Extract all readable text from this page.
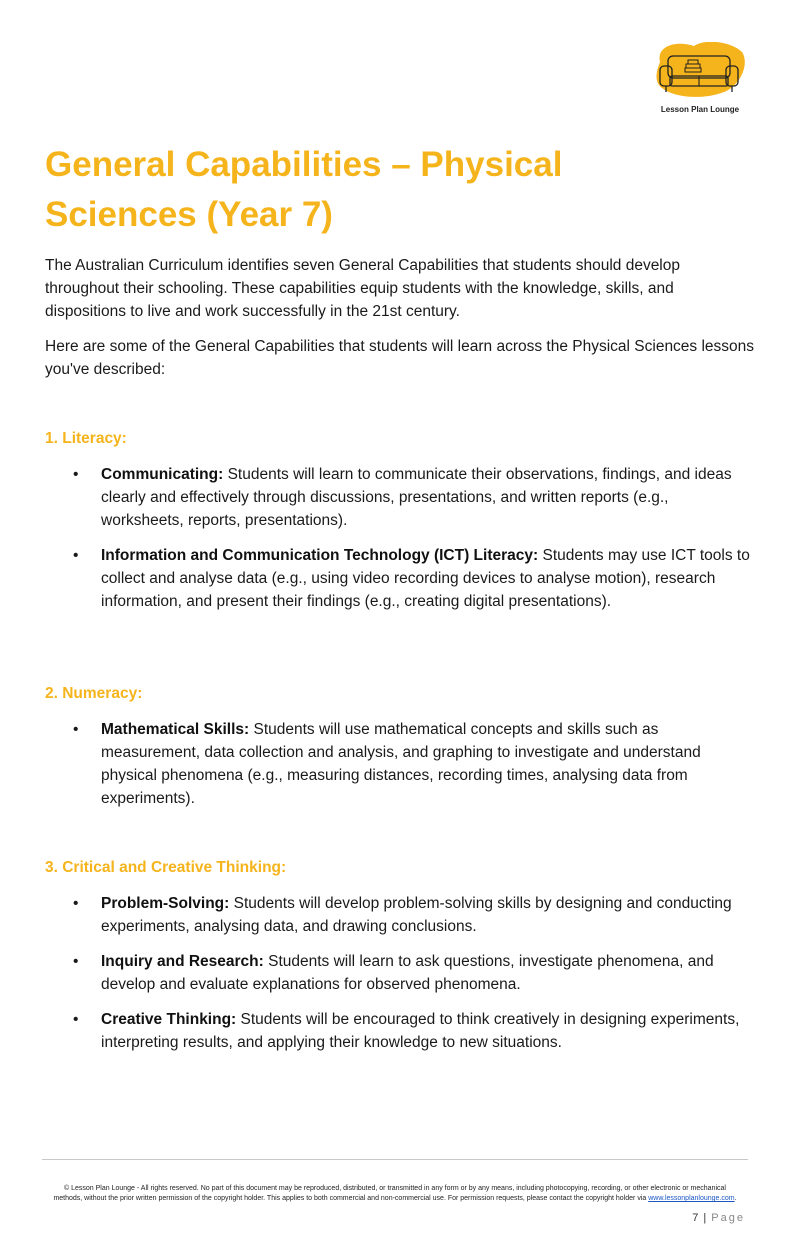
Lesson Plan Lounge
General Capabilities – Physical Sciences (Year 7)

The Australian Curriculum identifies seven General Capabilities that students should develop throughout their schooling. These capabilities equip students with the knowledge, skills, and dispositions to live and work successfully in the 21st century.

Here are some of the General Capabilities that students will learn across the Physical Sciences lessons you've described:

1. Literacy:
• Communicating: Students will learn to communicate their observations, findings, and ideas clearly and effectively through discussions, presentations, and written reports (e.g., worksheets, reports, presentations).
• Information and Communication Technology (ICT) Literacy: Students may use ICT tools to collect and analyse data (e.g., using video recording devices to analyse motion), research information, and present their findings (e.g., creating digital presentations).
2. Numeracy:
• Mathematical Skills: Students will use mathematical concepts and skills such as measurement, data collection and analysis, and graphing to investigate and understand physical phenomena (e.g., measuring distances, recording times, analysing data from experiments).
3. Critical and Creative Thinking:
• Problem-Solving: Students will develop problem-solving skills by designing and conducting experiments, analysing data, and drawing conclusions.
• Inquiry and Research: Students will learn to ask questions, investigate phenomena, and develop and evaluate explanations for observed phenomena.
• Creative Thinking: Students will be encouraged to think creatively in designing experiments, interpreting results, and applying their knowledge to new situations.

© Lesson Plan Lounge - All rights reserved. No part of this document may be reproduced, distributed, or transmitted in any form or by any means, including photocopying, recording, or other electronic or mechanical methods, without the prior written permission of the copyright holder. This applies to both commercial and non-commercial use. For permission requests, please contact the copyright holder via www.lessonplanlounge.com.

7 | Page
